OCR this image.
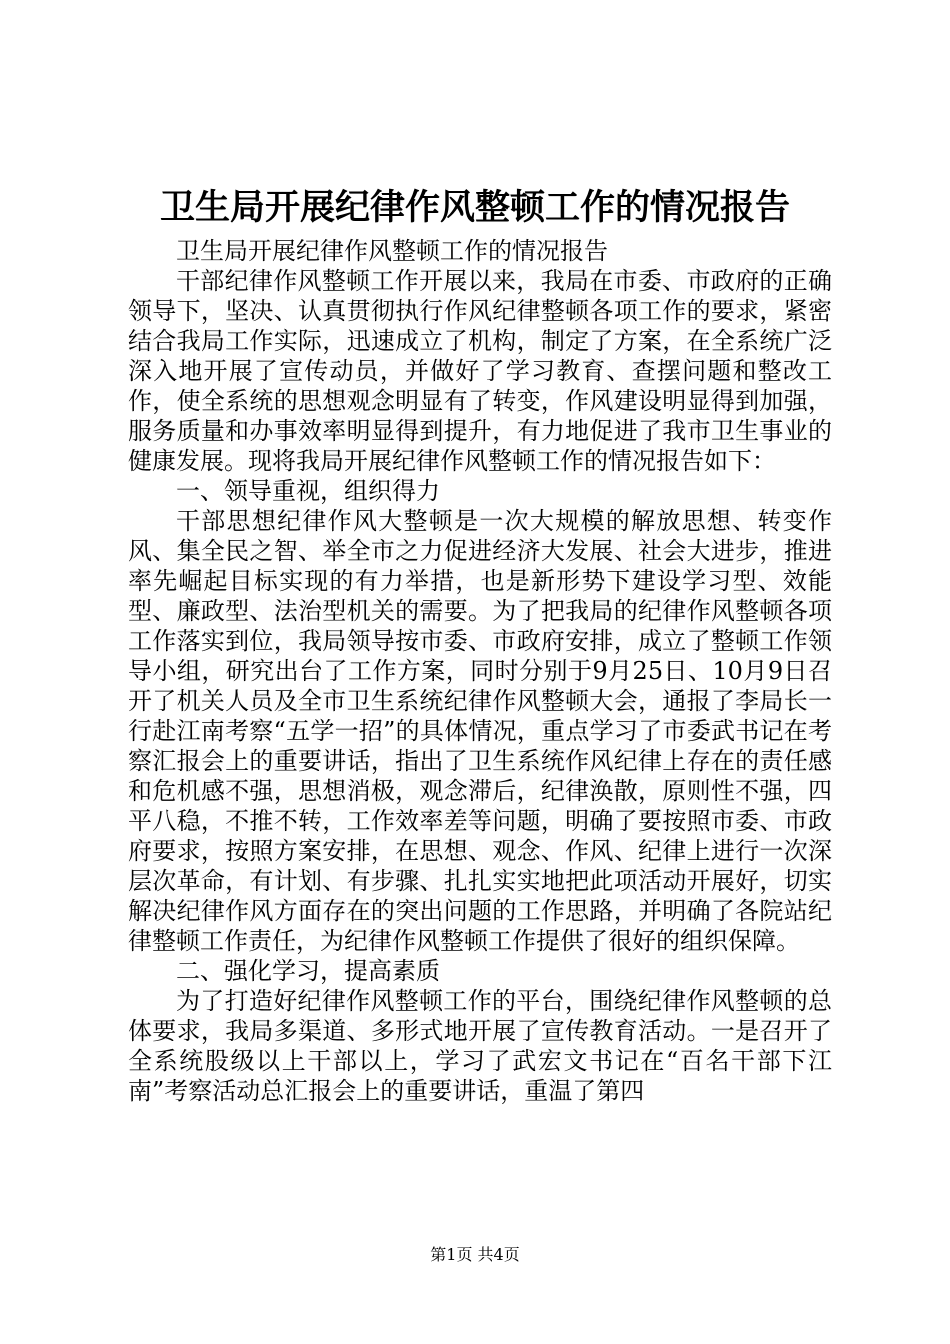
卫生局开展纪律作风整顿工作的情况报告

卫生局开展纪律作风整顿工作的情况报告

干部纪律作风整顿工作开展以来，我局在市委、市政府的正确领导下，坚决、认真贯彻执行作风纪律整顿各项工作的要求，紧密结合我局工作实际，迅速成立了机构，制定了方案，在全系统广泛深入地开展了宣传动员，并做好了学习教育、查摆问题和整改工作，使全系统的思想观念明显有了转变，作风建设明显得到加强，服务质量和办事效率明显得到提升，有力地促进了我市卫生事业的健康发展。现将我局开展纪律作风整顿工作的情况报告如下：

一、领导重视，组织得力

干部思想纪律作风大整顿是一次大规模的解放思想、转变作风、集全民之智、举全市之力促进经济大发展、社会大进步，推进率先崛起目标实现的有力举措，也是新形势下建设学习型、效能型、廉政型、法治型机关的需要。为了把我局的纪律作风整顿各项工作落实到位，我局领导按市委、市政府安排，成立了整顿工作领导小组，研究出台了工作方案，同时分别于9月25日、10月9日召开了机关人员及全市卫生系统纪律作风整顿大会，通报了李局长一行赴江南考察“五学一招”的具体情况，重点学习了市委武书记在考察汇报会上的重要讲话，指出了卫生系统作风纪律上存在的责任感和危机感不强，思想消极，观念滞后，纪律涣散，原则性不强，四平八稳，不推不转，工作效率差等问题，明确了要按照市委、市政府要求，按照方案安排，在思想、观念、作风、纪律上进行一次深层次革命，有计划、有步骤、扎扎实实地把此项活动开展好，切实解决纪律作风方面存在的突出问题的工作思路，并明确了各院站纪律整顿工作责任，为纪律作风整顿工作提供了很好的组织保障。

二、强化学习，提高素质

为了打造好纪律作风整顿工作的平台，围绕纪律作风整顿的总体要求，我局多渠道、多形式地开展了宣传教育活动。一是召开了全系统股级以上干部以上，学习了武宏文书记在“百名干部下江南”考察活动总汇报会上的重要讲话，重温了第四

第1页 共4页
